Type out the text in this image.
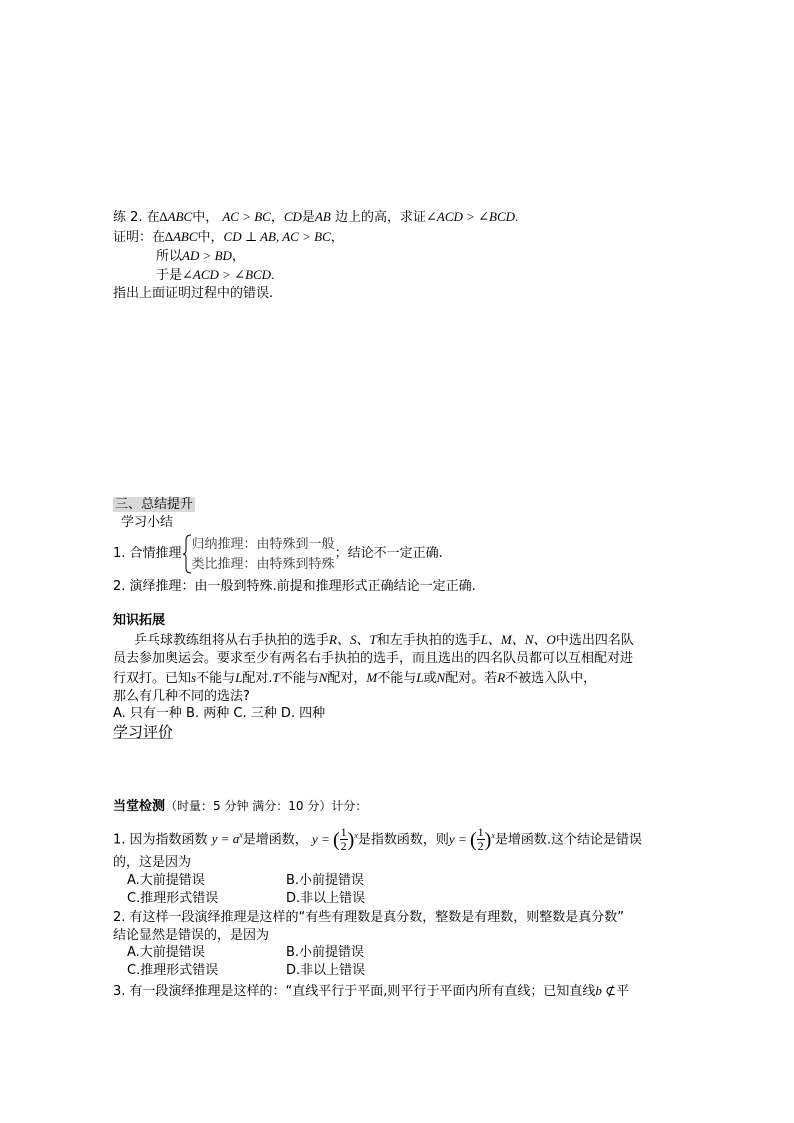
练 2. 在∆ABC中， AC > BC，CD是AB 边上的高，求证∠ACD > ∠BCD.
证明：在∆ABC中，CD ⊥ AB, AC > BC，
所以AD > BD，
于是∠ACD > ∠BCD.
指出上面证明过程中的错误.
三、总结提升
学习小结
1. 合情推理
归纳推理：由特殊到一般
类比推理：由特殊到特殊
；结论不一定正确.
2. 演绎推理：由一般到特殊.前提和推理形式正确结论一定正确.
知识拓展
乒乓球教练组将从右手执拍的选手R、S、T和左手执拍的选手L、M、N、O中选出四名队
员去参加奥运会。要求至少有两名右手执拍的选手，而且选出的四名队员都可以互相配对进
行双打。已知s不能与L配对.T不能与N配对，M不能与L或N配对。若R不被选入队中，
那么有几种不同的选法?
A. 只有一种 B. 两种 C. 三种 D. 四种
学习评价
当堂检测（时量：5 分钟 满分：10 分）计分：
1. 因为指数函数 $y = a^x$是增函数， y = ( $\frac{1}{2} )^x$是指数函数，则y = ( $\frac{1}{2} )^x$是增函数.这个结论是错误
的，这是因为
A.大前提错误	B.小前提错误
C.推理形式错误	D.非以上错误
2. 有这样一段演绎推理是这样的“有些有理数是真分数，整数是有理数，则整数是真分数”
结论显然是错误的，是因为
A.大前提错误	B.小前提错误
C.推理形式错误	D.非以上错误
3. 有一段演绎推理是这样的：“直线平行于平面,则平行于平面内所有直线；已知直线b ⊄平
